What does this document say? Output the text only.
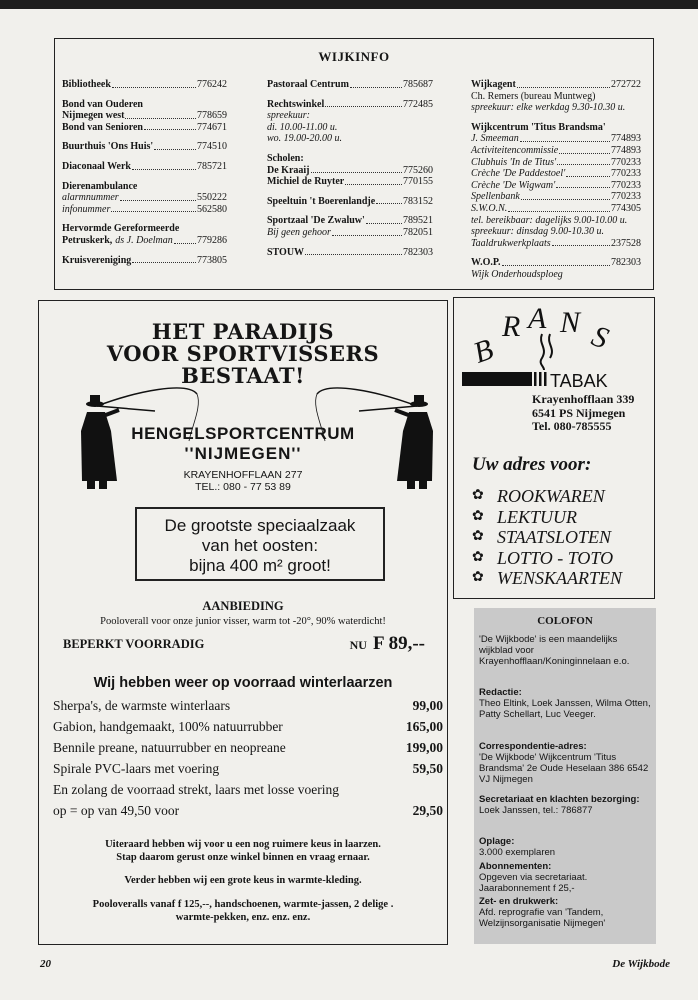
WIJKINFO
Bibliotheek	776242
Bond van Ouderen
Nijmegen west	778659
Bond van Senioren	774671
Buurthuis 'Ons Huis'	774510
Diaconaal Werk	785721
Dierenambulance
alarmnummer	550222
infonummer	562580
Hervormde Gereformeerde
Petruskerk, ds J. Doelman 779286
Kruisvereniging	773805
Pastoraal Centrum	785687
Rechtswinkel	772485
spreekuur:
di. 10.00-11.00 u.
wo. 19.00-20.00 u.
Scholen:
De Kraaij	775260
Michiel de Ruyter	770155
Speeltuin 't Boerenlandje	783152
Sportzaal 'De Zwaluw'	789521
Bij geen gehoor	782051
STOUW	782303
Wijkagent	272722
Ch. Remers (bureau Muntweg)
spreekuur: elke werkdag 9.30-10.30 u.
Wijkcentrum 'Titus Brandsma'
J. Smeeman	774893
Activiteitencommissie	774893
Clubhuis 'In de Titus'	770233
Crèche 'De Paddestoel'	770233
Crèche 'De Wigwam'	770233
Spellenbank	770233
S.W.O.N.	774305
tel. bereikbaar: dagelijks 9.00-10.00 u.
spreekuur: dinsdag 9.00-10.30 u.
Taaldrukwerkplaats	237528
W.O.P.	782303
Wijk Onderhoudsploeg
HET PARADIJS
VOOR SPORTVISSERS
BESTAAT!
HENGELSPORTCENTRUM
''NIJMEGEN''
KRAYENHOFFLAAN 277
TEL.: 080 - 77 53 89
De grootste speciaalzaak
van het oosten:
bijna 400 m² groot!
AANBIEDING
Pooloverall voor onze junior visser, warm tot -20°, 90% waterdicht!
BEPERKT VOORRADIG	NU F 89,--
Wij hebben weer op voorraad winterlaarzen
Sherpa's, de warmste winterlaars	99,00
Gabion, handgemaakt, 100% natuurrubber	165,00
Bennile preane, natuurrubber en neopreane	199,00
Spirale PVC-laars met voering	59,50
En zolang de voorraad strekt, laars met losse voering
op = op van 49,50 voor	29,50
Uiteraard hebben wij voor u een nog ruimere keus in laarzen.
Stap daarom gerust onze winkel binnen en vraag ernaar.
Verder hebben wij een grote keus in warmte-kleding.
Pooloveralls vanaf f 125,--, handschoenen, warmte-jassen, 2 delige .
warmte-pekken, enz. enz. enz.
B
R A N S
TABAK
Krayenhofflaan 339
6541 PS Nijmegen
Tel. 080-785555
Uw adres voor:
✿ ROOKWAREN
✿ LEKTUUR
✿ STAATSLOTEN
✿ LOTTO - TOTO
✿ WENSKAARTEN
COLOFON
'De Wijkbode' is een maandelijks wijkblad voor Krayenhofflaan/Koninginnelaan e.o.
Redactie:
Theo Eltink, Loek Janssen, Wilma Otten, Patty Schellart, Luc Veeger.
Correspondentie-adres:
'De Wijkbode' Wijkcentrum 'Titus Brandsma' 2e Oude Heselaan 386 6542 VJ Nijmegen
Secretariaat en klachten bezorging:
Loek Janssen, tel.: 786877
Oplage:
3.000 exemplaren
Abonnementen:
Opgeven via secretariaat. Jaarabonnement f 25,-
Zet- en drukwerk:
Afd. reprografie van 'Tandem, Welzijnsorganisatie Nijmegen'
20	De Wijkbode
